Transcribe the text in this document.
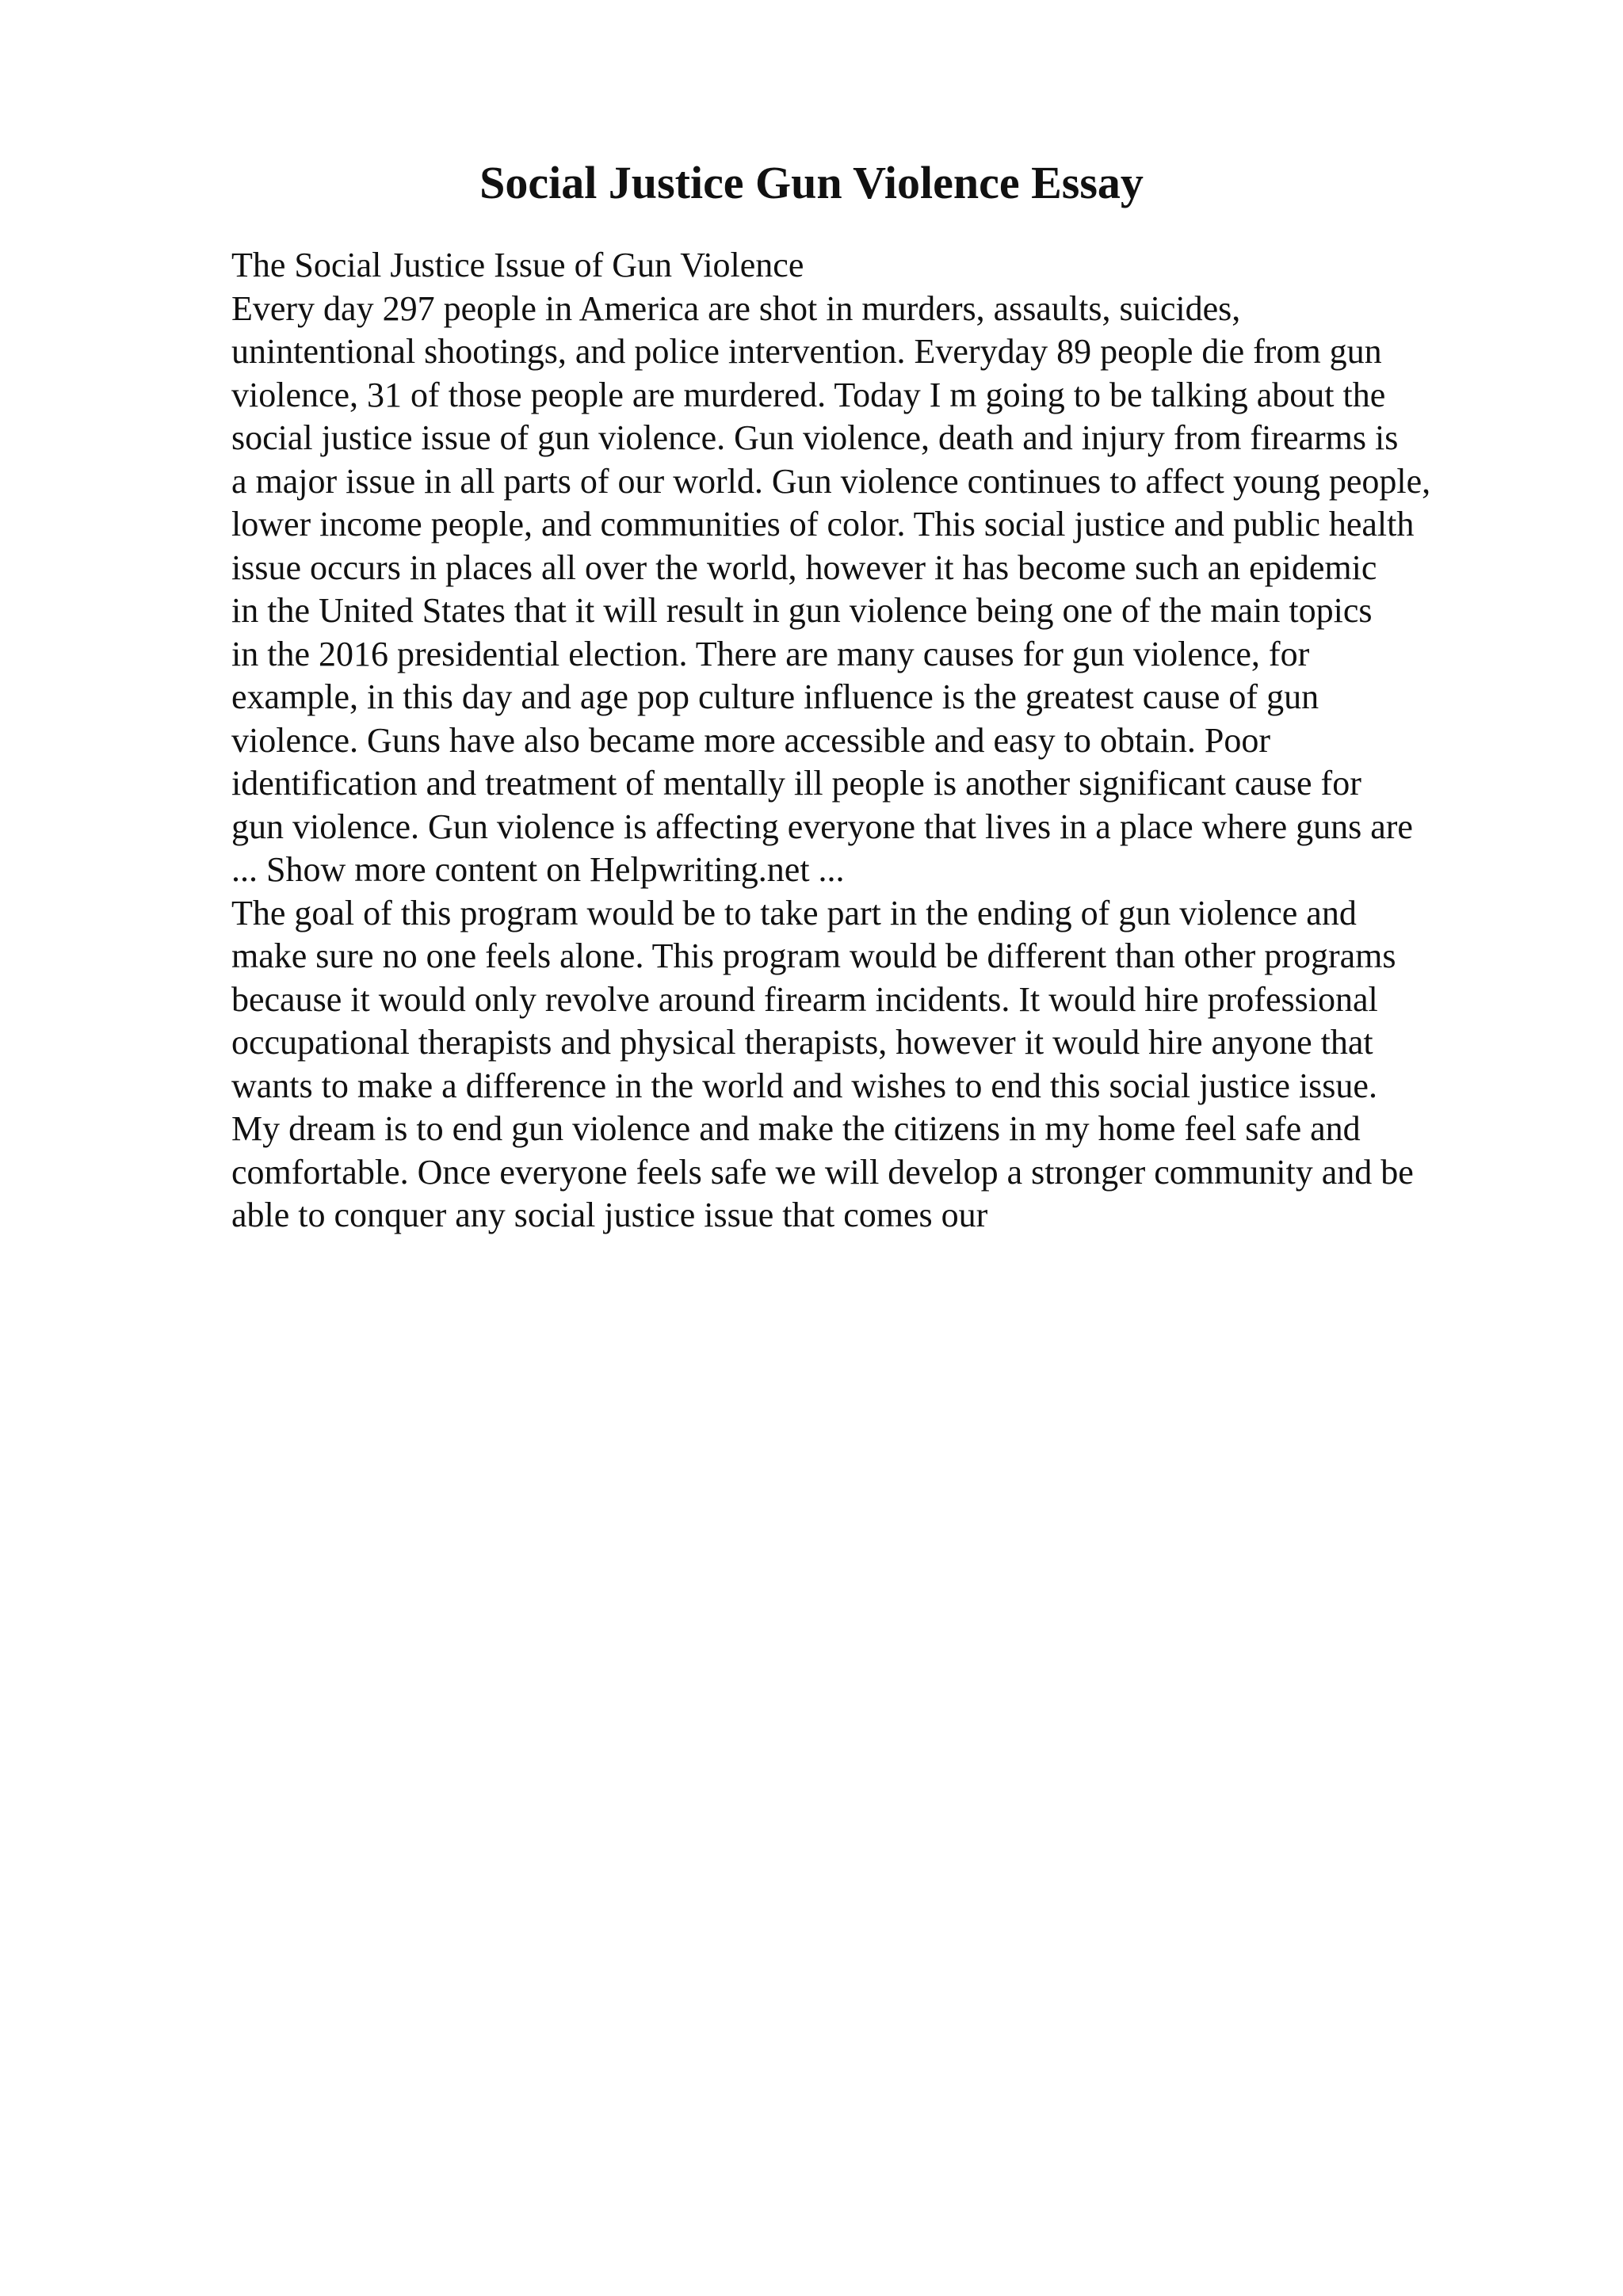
Social Justice Gun Violence Essay
The Social Justice Issue of Gun Violence
Every day 297 people in America are shot in murders, assaults, suicides,
unintentional shootings, and police intervention. Everyday 89 people die from gun
violence, 31 of those people are murdered. Today I m going to be talking about the
social justice issue of gun violence. Gun violence, death and injury from firearms is
a major issue in all parts of our world. Gun violence continues to affect young people,
lower income people, and communities of color. This social justice and public health
issue occurs in places all over the world, however it has become such an epidemic
in the United States that it will result in gun violence being one of the main topics
in the 2016 presidential election. There are many causes for gun violence, for
example, in this day and age pop culture influence is the greatest cause of gun
violence. Guns have also became more accessible and easy to obtain. Poor
identification and treatment of mentally ill people is another significant cause for
gun violence. Gun violence is affecting everyone that lives in a place where guns are
... Show more content on Helpwriting.net ...
The goal of this program would be to take part in the ending of gun violence and
make sure no one feels alone. This program would be different than other programs
because it would only revolve around firearm incidents. It would hire professional
occupational therapists and physical therapists, however it would hire anyone that
wants to make a difference in the world and wishes to end this social justice issue.
My dream is to end gun violence and make the citizens in my home feel safe and
comfortable. Once everyone feels safe we will develop a stronger community and be
able to conquer any social justice issue that comes our
